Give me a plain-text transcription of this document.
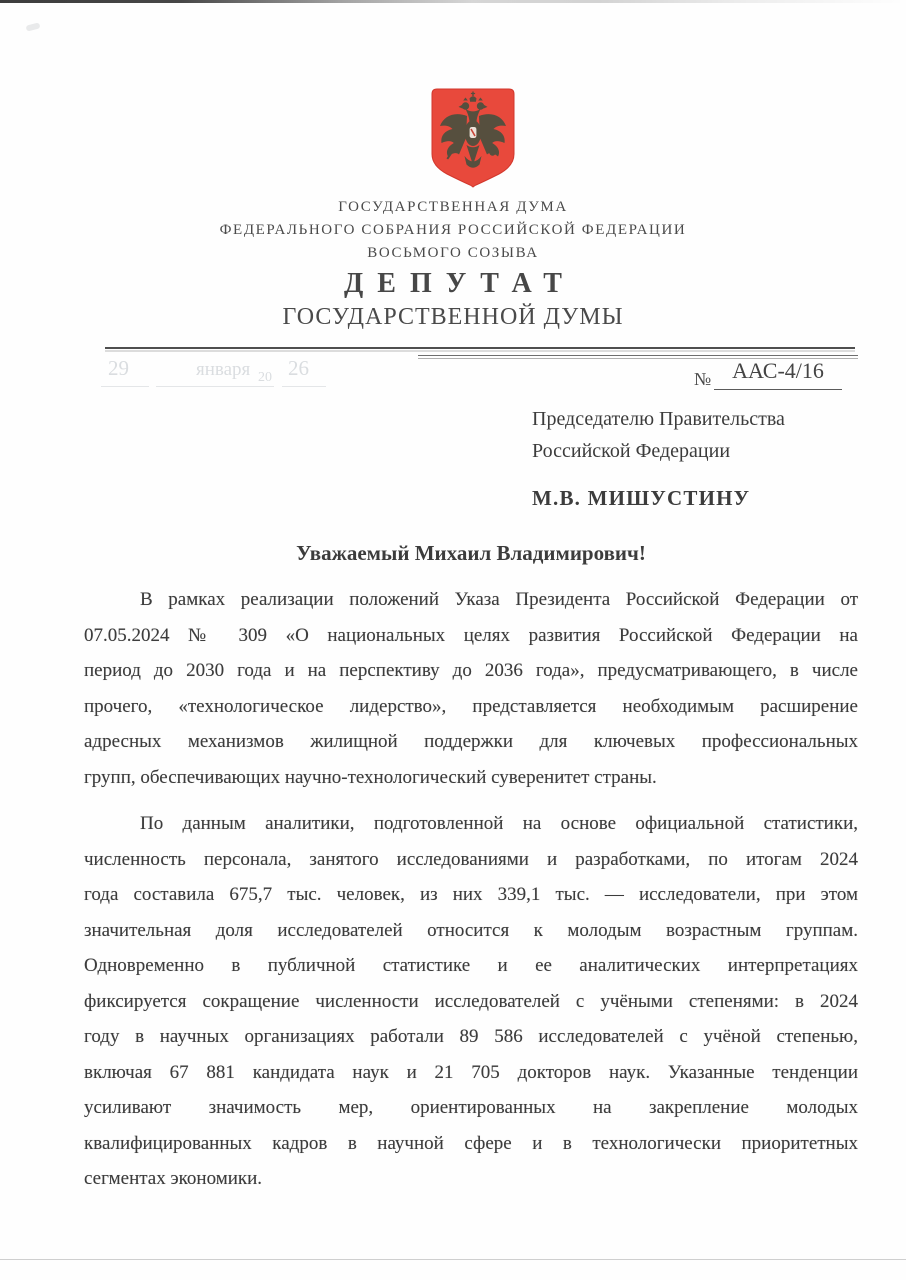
ГОСУДАРСТВЕННАЯ ДУМА
ФЕДЕРАЛЬНОГО СОБРАНИЯ РОССИЙСКОЙ ФЕДЕРАЦИИ
ВОСЬМОГО СОЗЫВА
ДЕПУТАТ
ГОСУДАРСТВЕННОЙ ДУМЫ
29	января 20 26	№ ААС-4/16
Председателю Правительства
Российской Федерации
М.В. МИШУСТИНУ
Уважаемый Михаил Владимирович!
В рамках реализации положений Указа Президента Российской Федерации от
07.05.2024 № 309 «О национальных целях развития Российской Федерации на
период до 2030 года и на перспективу до 2036 года», предусматривающего, в числе
прочего, «технологическое лидерство», представляется необходимым расширение
адресных механизмов жилищной поддержки для ключевых профессиональных
групп, обеспечивающих научно-технологический суверенитет страны.
По данным аналитики, подготовленной на основе официальной статистики,
численность персонала, занятого исследованиями и разработками, по итогам 2024
года составила 675,7 тыс. человек, из них 339,1 тыс. — исследователи, при этом
значительная доля исследователей относится к молодым возрастным группам.
Одновременно в публичной статистике и ее аналитических интерпретациях
фиксируется сокращение численности исследователей с учёными степенями: в 2024
году в научных организациях работали 89 586 исследователей с учёной степенью,
включая 67 881 кандидата наук и 21 705 докторов наук. Указанные тенденции
усиливают значимость мер, ориентированных на закрепление молодых
квалифицированных кадров в научной сфере и в технологически приоритетных
сегментах экономики.
